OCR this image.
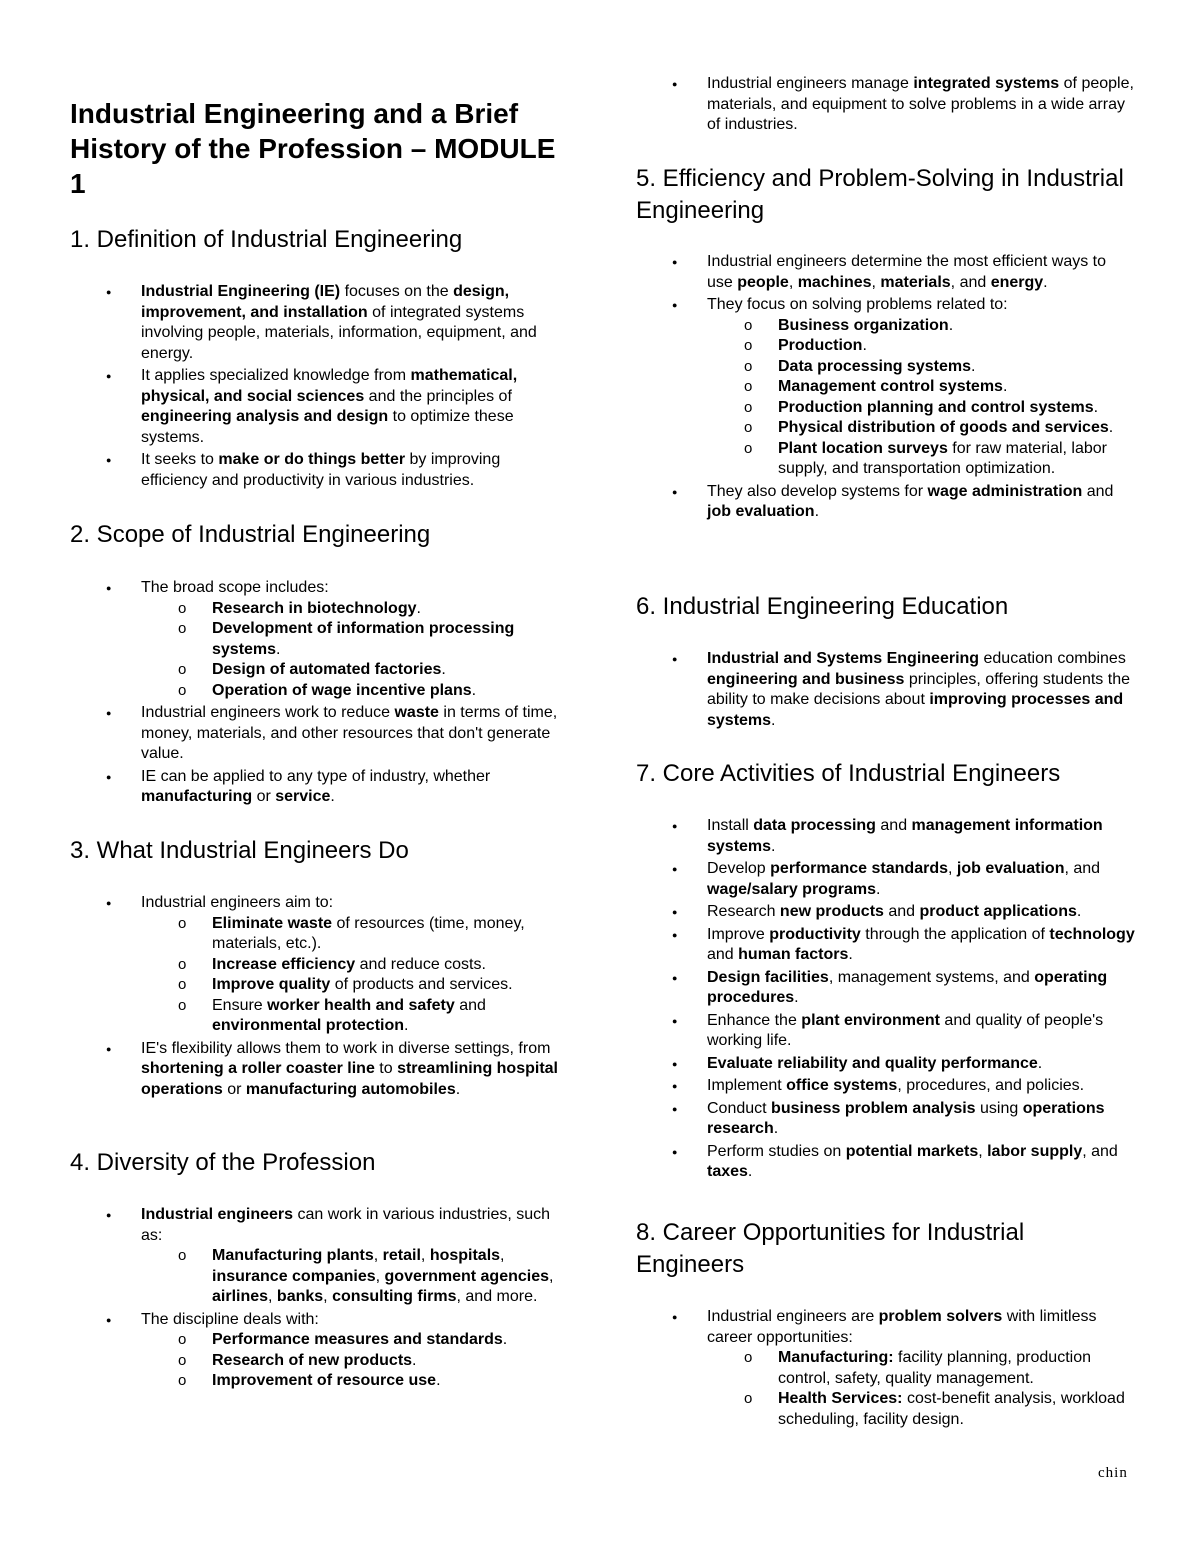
Industrial Engineering and a Brief History of the Profession – MODULE 1
1. Definition of Industrial Engineering
● Industrial Engineering (IE) focuses on the design, improvement, and installation of integrated systems involving people, materials, information, equipment, and energy.
● It applies specialized knowledge from mathematical, physical, and social sciences and the principles of engineering analysis and design to optimize these systems.
● It seeks to make or do things better by improving efficiency and productivity in various industries.
2. Scope of Industrial Engineering
● The broad scope includes:
o Research in biotechnology.
o Development of information processing systems.
o Design of automated factories.
o Operation of wage incentive plans.
● Industrial engineers work to reduce waste in terms of time, money, materials, and other resources that don't generate value.
● IE can be applied to any type of industry, whether manufacturing or service.
3. What Industrial Engineers Do
● Industrial engineers aim to:
o Eliminate waste of resources (time, money, materials, etc.).
o Increase efficiency and reduce costs.
o Improve quality of products and services.
o Ensure worker health and safety and environmental protection.
● IE's flexibility allows them to work in diverse settings, from shortening a roller coaster line to streamlining hospital operations or manufacturing automobiles.
4. Diversity of the Profession
● Industrial engineers can work in various industries, such as:
o Manufacturing plants, retail, hospitals, insurance companies, government agencies, airlines, banks, consulting firms, and more.
● The discipline deals with:
o Performance measures and standards.
o Research of new products.
o Improvement of resource use.
● Industrial engineers manage integrated systems of people, materials, and equipment to solve problems in a wide array of industries.
5. Efficiency and Problem-Solving in Industrial Engineering
● Industrial engineers determine the most efficient ways to use people, machines, materials, and energy.
● They focus on solving problems related to:
o Business organization.
o Production.
o Data processing systems.
o Management control systems.
o Production planning and control systems.
o Physical distribution of goods and services.
o Plant location surveys for raw material, labor supply, and transportation optimization.
● They also develop systems for wage administration and job evaluation.
6. Industrial Engineering Education
● Industrial and Systems Engineering education combines engineering and business principles, offering students the ability to make decisions about improving processes and systems.
7. Core Activities of Industrial Engineers
● Install data processing and management information systems.
● Develop performance standards, job evaluation, and wage/salary programs.
● Research new products and product applications.
● Improve productivity through the application of technology and human factors.
● Design facilities, management systems, and operating procedures.
● Enhance the plant environment and quality of people's working life.
● Evaluate reliability and quality performance.
● Implement office systems, procedures, and policies.
● Conduct business problem analysis using operations research.
● Perform studies on potential markets, labor supply, and taxes.
8. Career Opportunities for Industrial Engineers
● Industrial engineers are problem solvers with limitless career opportunities:
o Manufacturing: facility planning, production control, safety, quality management.
o Health Services: cost-benefit analysis, workload scheduling, facility design.
chin
